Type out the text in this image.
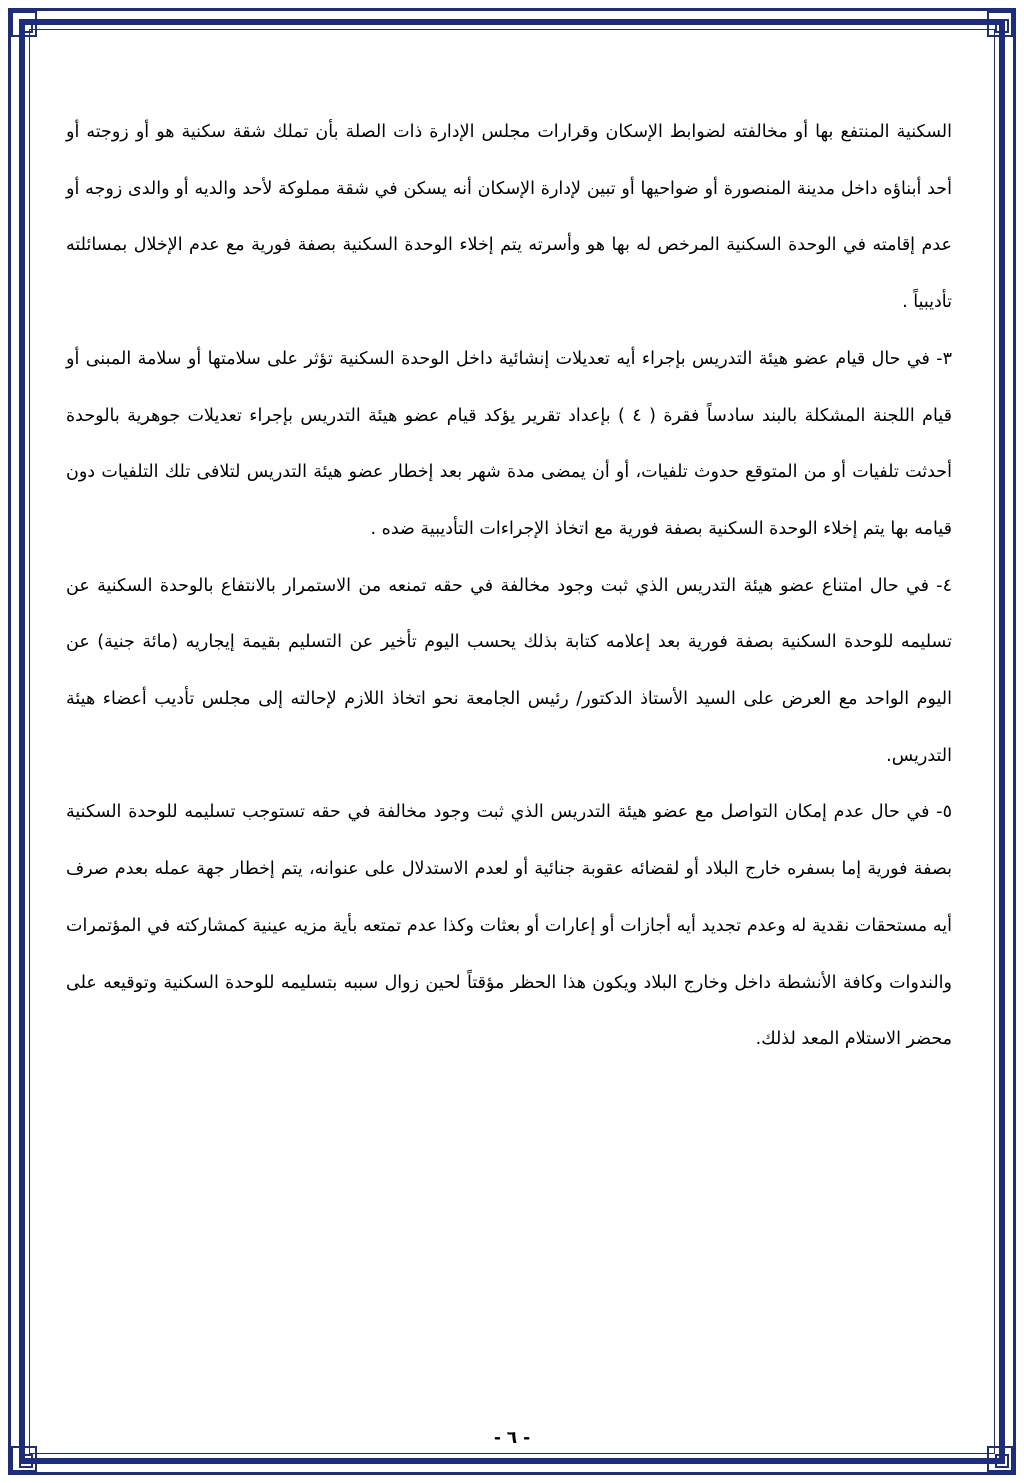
السكنية المنتفع بها أو مخالفته لضوابط الإسكان وقرارات مجلس الإدارة ذات الصلة بأن تملك شقة سكنية هو أو زوجته أو أحد أبناؤه داخل مدينة المنصورة أو ضواحيها أو تبين لإدارة الإسكان أنه يسكن في شقة مملوكة لأحد والديه أو والدى زوجه أو عدم إقامته في الوحدة السكنية المرخص له بها هو وأسرته يتم إخلاء الوحدة السكنية بصفة فورية مع عدم الإخلال بمسائلته تأديبياً .

٣- في حال قيام عضو هيئة التدريس بإجراء أيه تعديلات إنشائية داخل الوحدة السكنية تؤثر على سلامتها أو سلامة المبنى أو قيام اللجنة المشكلة بالبند سادساً فقرة ( ٤ ) بإعداد تقرير يؤكد قيام عضو هيئة التدريس بإجراء تعديلات جوهرية بالوحدة أحدثت تلفيات أو من المتوقع حدوث تلفيات، أو أن يمضى مدة شهر بعد إخطار عضو هيئة التدريس لتلافى تلك التلفيات دون قيامه بها يتم إخلاء الوحدة السكنية بصفة فورية مع اتخاذ الإجراءات التأديبية ضده .

٤- في حال امتناع عضو هيئة التدريس الذي ثبت وجود مخالفة في حقه تمنعه من الاستمرار بالانتفاع بالوحدة السكنية عن تسليمه للوحدة السكنية بصفة فورية بعد إعلامه كتابة بذلك يحسب اليوم تأخير عن التسليم بقيمة إيجاريه (مائة جنية) عن اليوم الواحد مع العرض على السيد الأستاذ الدكتور/ رئيس الجامعة نحو اتخاذ اللازم لإحالته إلى مجلس تأديب أعضاء هيئة التدريس.

٥- في حال عدم إمكان التواصل مع عضو هيئة التدريس الذي ثبت وجود مخالفة في حقه تستوجب تسليمه للوحدة السكنية بصفة فورية إما بسفره خارج البلاد أو لقضائه عقوبة جنائية أو لعدم الاستدلال على عنوانه، يتم إخطار جهة عمله بعدم صرف أيه مستحقات نقدية له وعدم تجديد أيه أجازات أو إعارات أو بعثات وكذا عدم تمتعه بأية مزيه عينية كمشاركته في المؤتمرات والندوات وكافة الأنشطة داخل وخارج البلاد ويكون هذا الحظر مؤقتاً لحين زوال سببه بتسليمه للوحدة السكنية وتوقيعه على محضر الاستلام المعد لذلك.

- ٦ -
